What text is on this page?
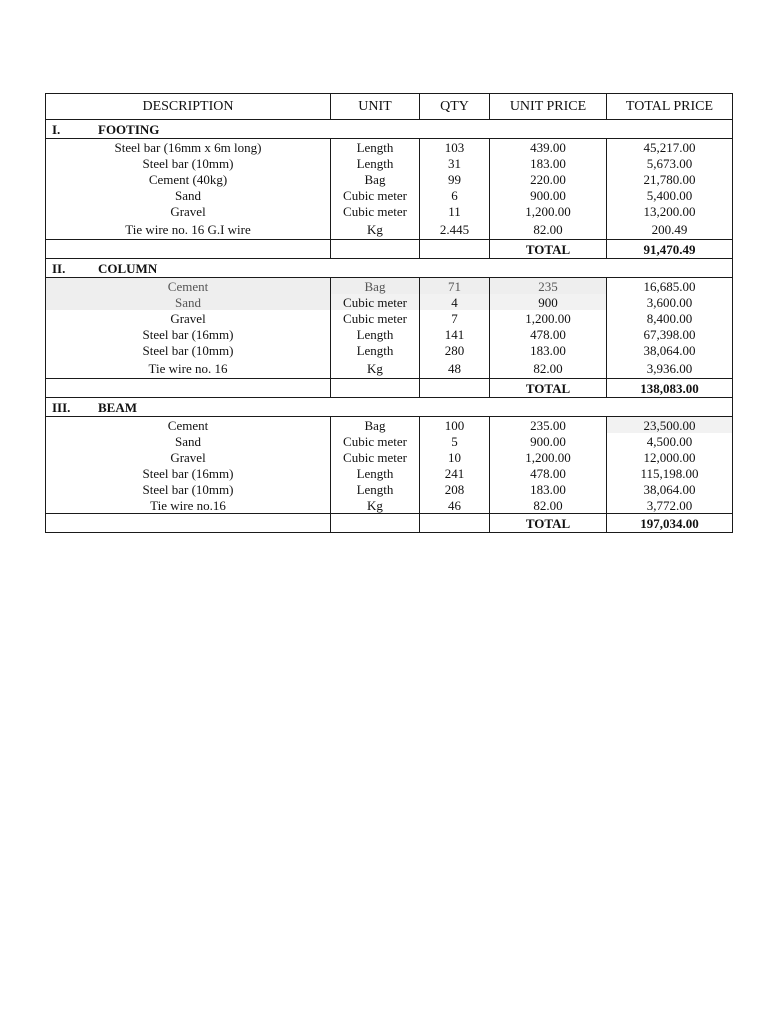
DESCRIPTION	UNIT	QTY	UNIT PRICE	TOTAL PRICE
I. FOOTING				
Steel bar (16mm x 6m long)	Length	103	439.00	45,217.00
Steel bar (10mm)	Length	31	183.00	5,673.00
Cement (40kg)	Bag	99	220.00	21,780.00
Sand	Cubic meter	6	900.00	5,400.00
Gravel	Cubic meter	11	1,200.00	13,200.00
Tie wire no. 16 G.I wire	Kg	2.445	82.00	200.49
			TOTAL	91,470.49
II. COLUMN				
Cement	Bag	71	235	16,685.00
Sand	Cubic meter	4	900	3,600.00
Gravel	Cubic meter	7	1,200.00	8,400.00
Steel bar (16mm)	Length	141	478.00	67,398.00
Steel bar (10mm)	Length	280	183.00	38,064.00
Tie wire no. 16	Kg	48	82.00	3,936.00
			TOTAL	138,083.00
III. BEAM				
Cement	Bag	100	235.00	23,500.00
Sand	Cubic meter	5	900.00	4,500.00
Gravel	Cubic meter	10	1,200.00	12,000.00
Steel bar (16mm)	Length	241	478.00	115,198.00
Steel bar (10mm)	Length	208	183.00	38,064.00
Tie wire no.16	Kg	46	82.00	3,772.00
			TOTAL	197,034.00
